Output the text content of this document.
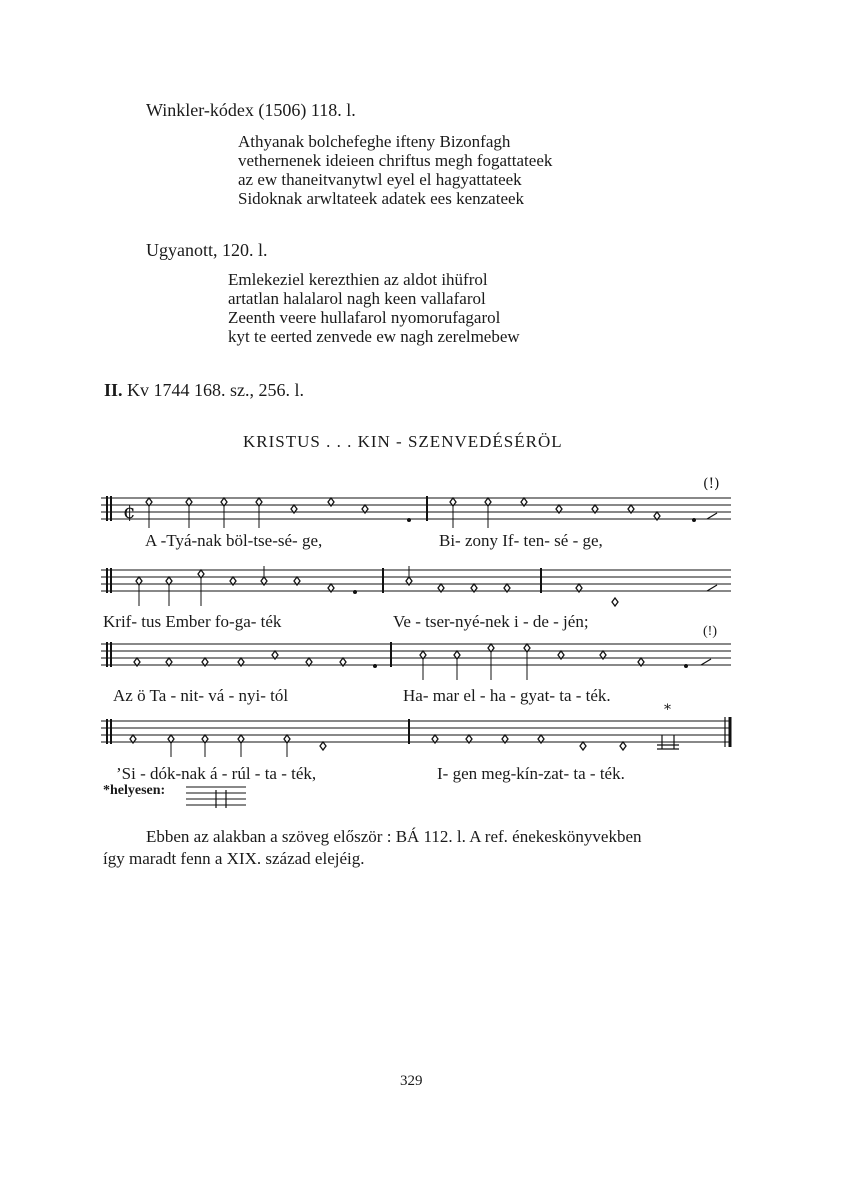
Winkler-kódex (1506) 118. l.
Athyanak bolchefeghe ifteny Bizonfagh
vethernenek ideieen chriftus megh fogattateek
az ew thaneitvanytwl eyel el hagyattateek
Sidoknak arwltateek adatek ees kenzateek
Ugyanott, 120. l.
Emlekeziel kerezthien az aldot ihüfrol
artatlan halalarol nagh keen vallafarol
Zeenth veere hullafarol nyomorufagarol
kyt te eerted zenvede ew nagh zerelmebew
II. Kv 1744 168. sz., 256. l.
KRISTUS . . . KIN - SZENVEDÉSÉRÖL
¢
(!)
A -Tyá-nak böl-tse-sé- ge,	Bi- zony If- ten- sé - ge,
Krif- tus Ember fo-ga- ték	Ve - tser-nyé-nek i - de - jén;
(!)
Az ö Ta - nit- vá - nyi- tól	Ha- mar el - ha - gyat- ta - ték.
*
’Si - dók-nak á - rúl - ta - ték,	I- gen meg-kín-zat- ta - ték.
*helyesen:
Ebben az alakban a szöveg először : BÁ 112. l. A ref. énekeskönyvekben
így maradt fenn a XIX. század elejéig.
329
